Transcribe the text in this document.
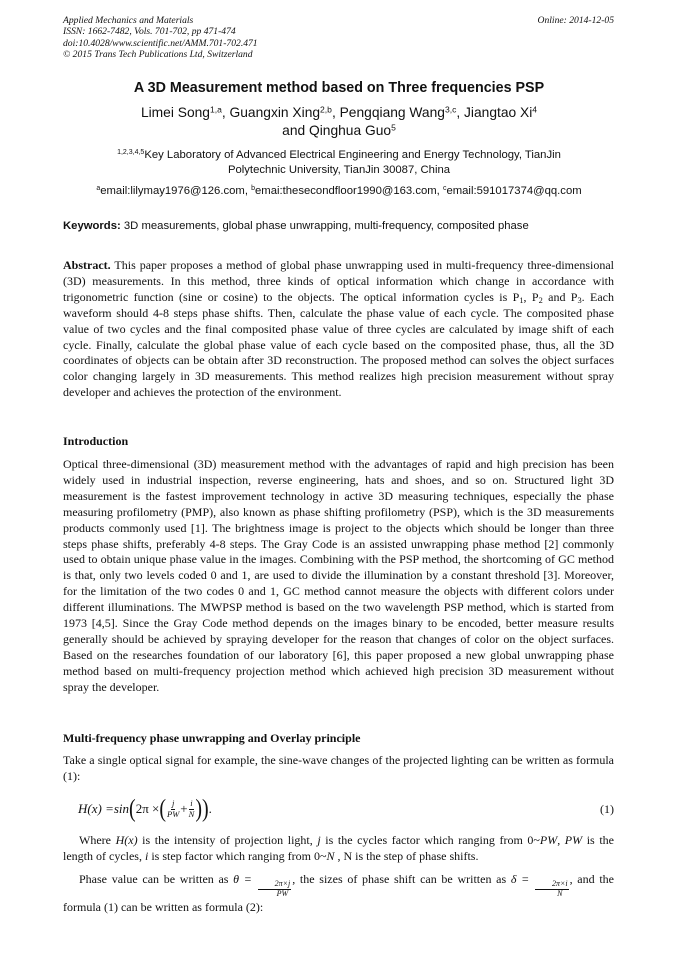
Applied Mechanics and Materials
ISSN: 1662-7482, Vols. 701-702, pp 471-474
doi:10.4028/www.scientific.net/AMM.701-702.471
© 2015 Trans Tech Publications Ltd, Switzerland
Online: 2014-12-05
A 3D Measurement method based on Three frequencies PSP
Limei Song$^{1,a}$, Guangxin Xing$^{2,b}$, Pengqiang Wang$^{3,c}$, Jiangtao Xi$^4$
and Qinghua Guo$^5$
$^{1,2,3,4,5}$Key Laboratory of Advanced Electrical Engineering and Energy Technology, TianJin
Polytechnic University, TianJin 30087, China
$^a$email:lilymay1976@126.com, $^b$emai:thesecondfloor1990@163.com, $^c$email:591017374@qq.com
Keywords: 3D measurements, global phase unwrapping, multi-frequency, composited phase
Abstract. This paper proposes a method of global phase unwrapping used in multi-frequency three-dimensional (3D) measurements. In this method, three kinds of optical information which change in accordance with trigonometric function (sine or cosine) to the objects. The optical information cycles is $P_1$, $P_2$ and $P_3$. Each waveform should 4-8 steps phase shifts. Then, calculate the phase value of each cycle. The composited phase value of two cycles and the final composited phase value of three cycles are calculated by image shift of each cycle. Finally, calculate the global phase value of each cycle based on the composited phase, thus, all the 3D coordinates of objects can be obtain after 3D reconstruction. The proposed method can solves the object surfaces color changing largely in 3D measurements. This method realizes high precision measurement without spray developer and achieves the protection of the environment.
Introduction
Optical three-dimensional (3D) measurement method with the advantages of rapid and high precision has been widely used in industrial inspection, reverse engineering, hats and shoes, and so on. Structured light 3D measurement is the fastest improvement technology in active 3D measuring techniques, especially the phase measuring profilometry (PMP), also known as phase shifting profilometry (PSP), which is the 3D measurements products commonly used [1]. The brightness image is project to the objects which should be longer than three steps phase shifts, preferably 4-8 steps. The Gray Code is an assisted unwrapping phase method [2] commonly used to obtain unique phase value in the images. Combining with the PSP method, the shortcoming of GC method is that, only two levels coded 0 and 1, are used to divide the illumination by a constant threshold [3]. Moreover, for the limitation of the two codes 0 and 1, GC method cannot measure the objects with different colors under different illuminations. The MWPSP method is based on the two wavelength PSP method, which is started from 1973 [4,5]. Since the Gray Code method depends on the images binary to be encoded, better measure results generally should be achieved by spraying developer for the reason that changes of color on the object surfaces. Based on the researches foundation of our laboratory [6], this paper proposed a new global unwrapping phase method based on multi-frequency projection method which achieved high precision 3D measurement without spray the developer.
Multi-frequency phase unwrapping and Overlay principle
Take a single optical signal for example, the sine-wave changes of the projected lighting can be written as formula (1):
H(x) = sin ( 2π × ( $\frac{j}{PW} + \frac{i}{N}$ ) ) .	(1)
Where H(x) is the intensity of projection light, j is the cycles factor which ranging from 0~PW, PW is the length of cycles, i is step factor which ranging from 0~N , N is the step of phase shifts.
Phase value can be written as θ =
$\frac{2\pi\times j}{PW}$
, the sizes of phase shift can be written as δ =
$\frac{2\pi\times i}{N}$
, and the formula (1) can be written as formula (2):
